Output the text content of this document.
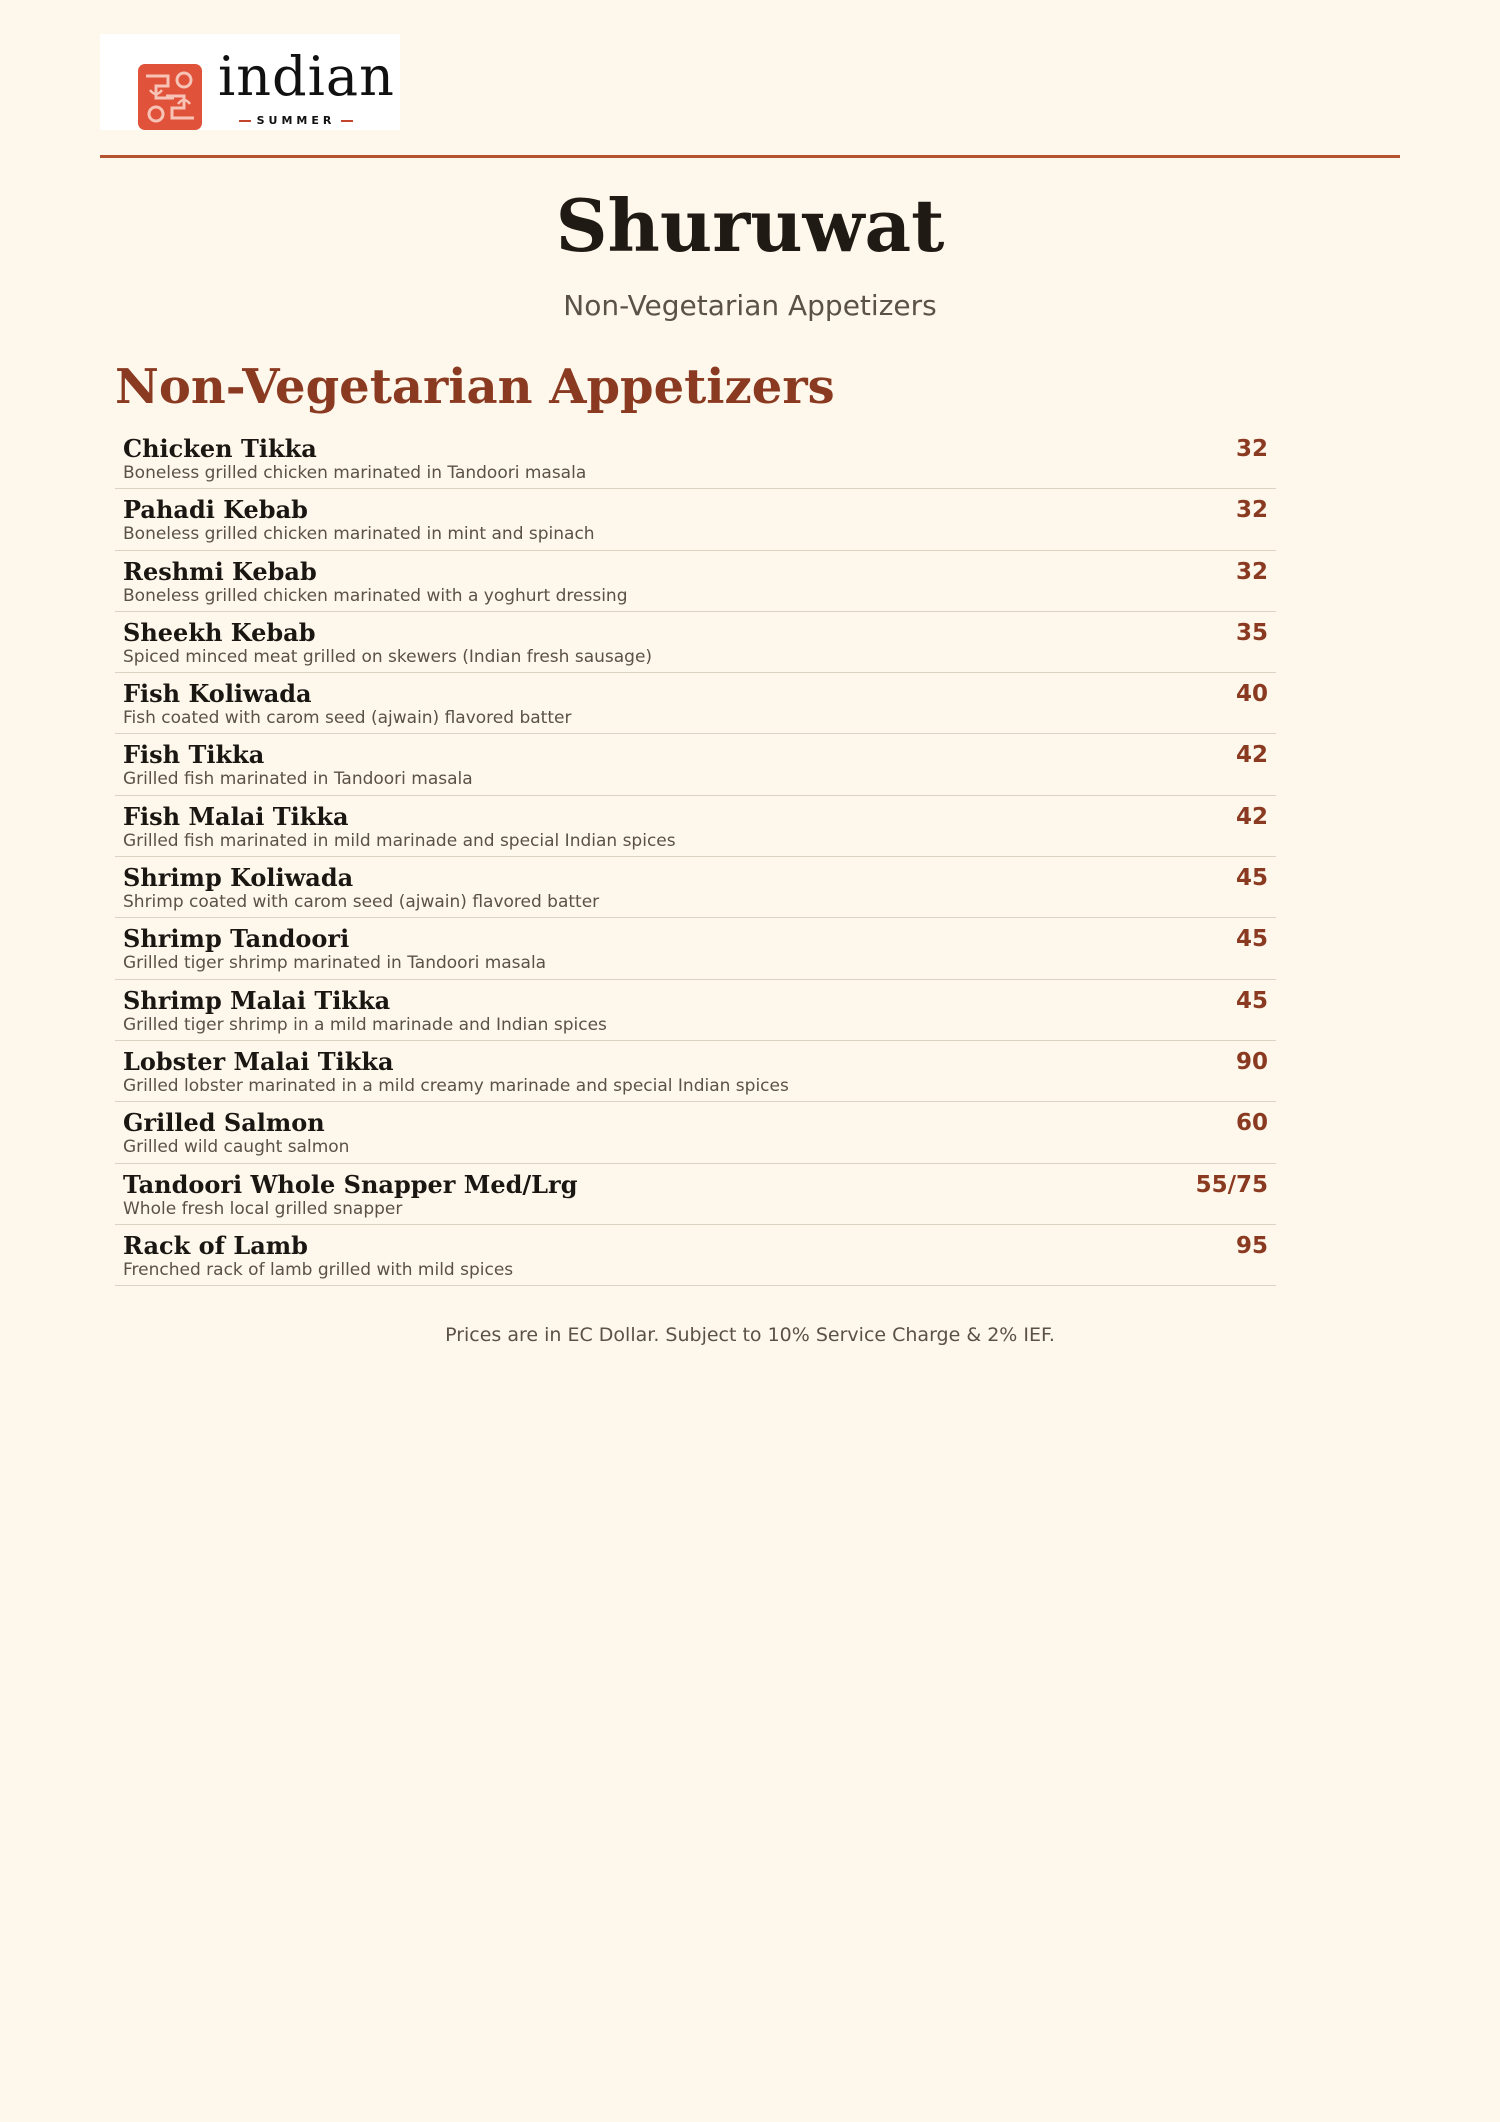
indian
SUMMER
Shuruwat
Non-Vegetarian Appetizers
Non-Vegetarian Appetizers
Chicken Tikka
Boneless grilled chicken marinated in Tandoori masala
32
Pahadi Kebab
Boneless grilled chicken marinated in mint and spinach
32
Reshmi Kebab
Boneless grilled chicken marinated with a yoghurt dressing
32
Sheekh Kebab
Spiced minced meat grilled on skewers (Indian fresh sausage)
35
Fish Koliwada
Fish coated with carom seed (ajwain) flavored batter
40
Fish Tikka
Grilled fish marinated in Tandoori masala
42
Fish Malai Tikka
Grilled fish marinated in mild marinade and special Indian spices
42
Shrimp Koliwada
Shrimp coated with carom seed (ajwain) flavored batter
45
Shrimp Tandoori
Grilled tiger shrimp marinated in Tandoori masala
45
Shrimp Malai Tikka
Grilled tiger shrimp in a mild marinade and Indian spices
45
Lobster Malai Tikka
Grilled lobster marinated in a mild creamy marinade and special Indian spices
90
Grilled Salmon
Grilled wild caught salmon
60
Tandoori Whole Snapper Med/Lrg
Whole fresh local grilled snapper
55/75
Rack of Lamb
Frenched rack of lamb grilled with mild spices
95
Prices are in EC Dollar. Subject to 10% Service Charge & 2% IEF.
